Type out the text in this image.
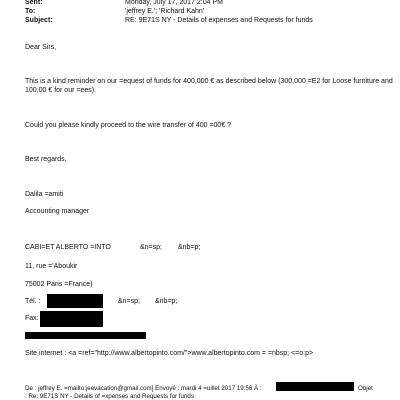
Sent:	Monday, July 17, 2017 2:04 PM
To:	'jeffrey E.'; 'Richard Kahn'
Subject:	RE: 9E71S NY - Details of expenses and Requests for funds
Dear Sirs,
This is a kind reminder on our =equest of funds for 400,000 € as described below (300,000 =E2 for Loose furniture and
100,00 € for our =ees).
Could you please kindly proceed to the wire transfer of 400 =00€ ?
Best regards,
Dalila =amiti
Accounting manager
CABI=ET ALBERTO =INTO	&n=sp; &nb=p;
11, rue ='Aboukir
75002 Paris =France)
Tél. :	&n=sp; &nb=p;
Fax:
Site internet : <a =ref="http://www.albertopinto.com/">www.albertopinto.com = =nbsp; <=o:p>
De : jeffrey E. =mailto:jeevacation@gmail.com] Envoyé : mardi 4 =uillet 2017 19:56 À :	Objet
: Re: 9E71S NY - Details of =xpenses and Requests for funds
